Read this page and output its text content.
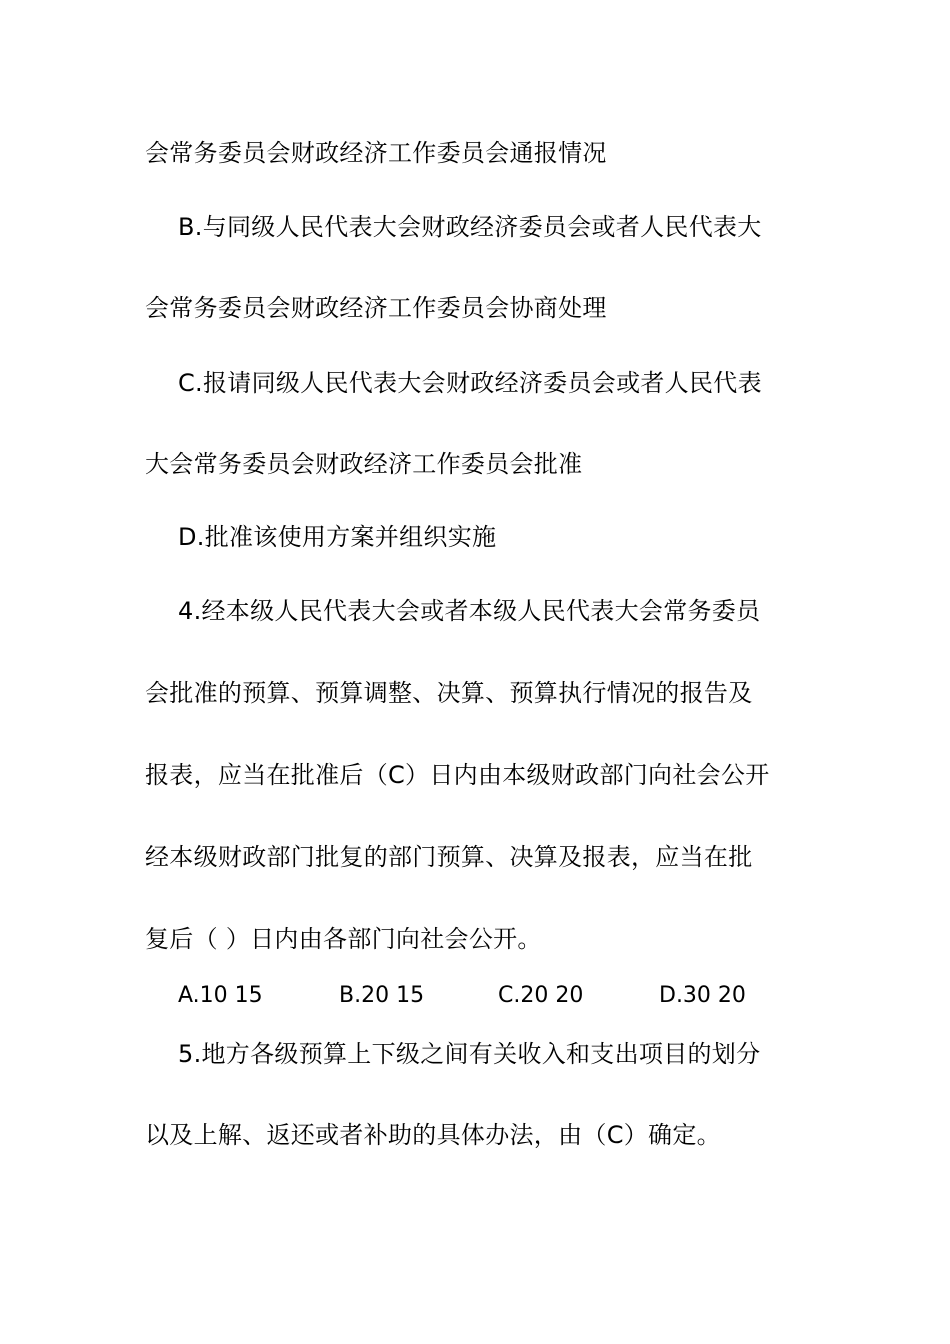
会常务委员会财政经济工作委员会通报情况
B.与同级人民代表大会财政经济委员会或者人民代表大
会常务委员会财政经济工作委员会协商处理
C.报请同级人民代表大会财政经济委员会或者人民代表
大会常务委员会财政经济工作委员会批准
D.批准该使用方案并组织实施
4.经本级人民代表大会或者本级人民代表大会常务委员
会批准的预算、预算调整、决算、预算执行情况的报告及
报表，应当在批准后（C）日内由本级财政部门向社会公开
经本级财政部门批复的部门预算、决算及报表，应当在批
复后（ ）日内由各部门向社会公开。
A.10 15	B.20 15	C.20 20	D.30 20
5.地方各级预算上下级之间有关收入和支出项目的划分
以及上解、返还或者补助的具体办法，由（C）确定。
